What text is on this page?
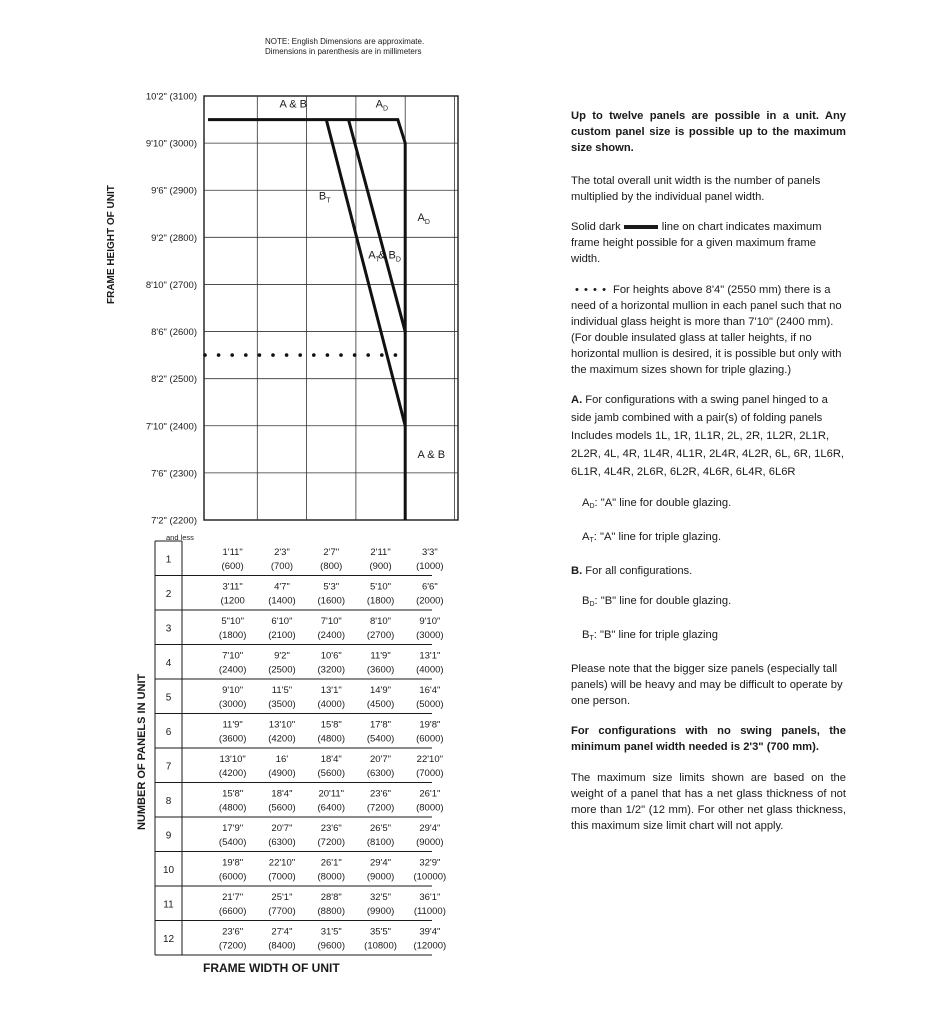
NOTE: English Dimensions are approximate.
Dimensions in parenthesis are in millimeters
10'2" (3100)
9'10" (3000)
9'6" (2900)
9'2" (2800)
8'10" (2700)
8'6" (2600)
8'2" (2500)
7'10" (2400)
7'6" (2300)
7'2" (2200)
A & B	$A_D$
$B_T$
$A_D$
$A_T$
& $B_D$
A & B
1
1'11"
(600)
2'3"
(700)
2'7"
(800)
2'11"
(900)
3'3"
(1000)
2
3'11"
(1200
4'7"
(1400)
5'3"
(1600)
5'10"
(1800)
6'6"
(2000)
3
5"10"
(1800)
6'10"
(2100)
7'10"
(2400)
8'10"
(2700)
9'10"
(3000)
4
7'10"
(2400)
9'2"
(2500)
10'6"
(3200)
11'9"
(3600)
13'1"
(4000)
5
9'10"
(3000)
11'5"
(3500)
13'1"
(4000)
14'9"
(4500)
16'4"
(5000)
6
11'9"
(3600)
13'10"
(4200)
15'8"
(4800)
17'8"
(5400)
19'8"
(6000)
7
13'10"
(4200)
16'
(4900)
18'4"
(5600)
20'7"
(6300)
22'10"
(7000)
8
15'8"
(4800)
18'4"
(5600)
20'11"
(6400)
23'6"
(7200)
26'1"
(8000)
9
17'9"
(5400)
20'7"
(6300)
23'6"
(7200)
26'5"
(8100)
29'4"
(9000)
10
19'8"
(6000)
22'10"
(7000)
26'1"
(8000)
29'4"
(9000)
32'9"
(10000)
11
21'7"
(6600)
25'1"
(7700)
28'8"
(8800)
32'5"
(9900)
36'1"
(11000)
12
23'6"
(7200)
27'4"
(8400)
31'5"
(9600)
35'5"
(10800)
39'4"
(12000)
FRAME HEIGHT OF UNIT
NUMBER OF PANELS IN UNIT
FRAME WIDTH OF UNIT
and less

Up to twelve panels are possible in a unit. Any custom panel size is possible up to the maximum size shown.

The total overall unit width is the number of panels multiplied by the individual panel width.

Solid dark	line on chart indicates maximum frame height possible for a given maximum frame width.

• • • • For heights above 8'4" (2550 mm) there is a need of a horizontal mullion in each panel such that no individual glass height is more than 7'10" (2400 mm). (For double insulated glass at taller heights, if no horizontal mullion is desired, it is possible but only with the maximum sizes shown for triple glazing.)

A. For configurations with a swing panel hinged to a side jamb combined with a pair(s) of folding panels Includes models 1L, 1R, 1L1R, 2L, 2R, 1L2R, 2L1R, 2L2R, 4L, 4R, 1L4R, 4L1R, 2L4R, 4L2R, 6L, 6R, 1L6R, 6L1R, 4L4R, 2L6R, 6L2R, 4L6R, 6L4R, 6L6R

$A_D$: "A" line for double glazing.

$A_T$: "A" line for triple glazing.

B. For all configurations.

$B_D$: "B" line for double glazing.

$B_T$: "B" line for triple glazing

Please note that the bigger size panels (especially tall panels) will be heavy and may be difficult to operate by one person.

For configurations with no swing panels, the minimum panel width needed is 2'3" (700 mm).

The maximum size limits shown are based on the weight of a panel that has a net glass thickness of not more than 1/2" (12 mm). For other net glass thickness, this maximum size limit chart will not apply.
